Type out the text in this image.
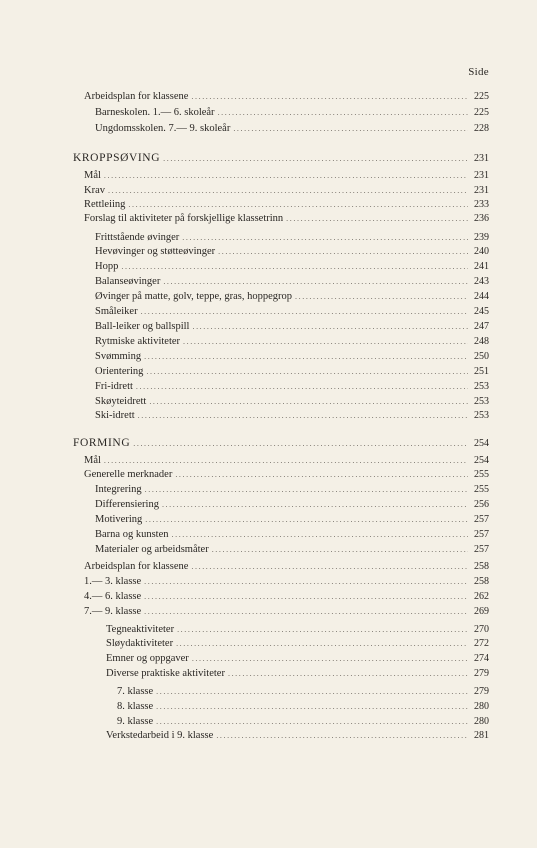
Side
Arbeidsplan for klassene .....	225
Barneskolen. 1.— 6. skoleår .....	225
Ungdomsskolen. 7.— 9. skoleår .....	228
KROPPSØVING .....	231
Mål .....	231
Krav .....	231
Rettleiing .....	233
Forslag til aktiviteter på forskjellige klassetrinn .....	236
Frittstående øvinger .....	239
Hevøvinger og støtteøvinger .....	240
Hopp .....	241
Balanseøvinger .....	243
Øvinger på matte, golv, teppe, gras, hoppegrop .....	244
Småleiker .....	245
Ball-leiker og ballspill .....	247
Rytmiske aktiviteter .....	248
Svømming .....	250
Orientering .....	251
Fri-idrett .....	253
Skøyteidrett .....	253
Ski-idrett .....	253
FORMING .....	254
Mål .....	254
Generelle merknader .....	255
Integrering .....	255
Differensiering .....	256
Motivering .....	257
Barna og kunsten .....	257
Materialer og arbeidsmåter .....	257
Arbeidsplan for klassene .....	258
1.— 3. klasse .....	258
4.— 6. klasse .....	262
7.— 9. klasse .....	269
Tegneaktiviteter .....	270
Sløydaktiviteter .....	272
Emner og oppgaver .....	274
Diverse praktiske aktiviteter .....	279
7. klasse .....	279
8. klasse .....	280
9. klasse .....	280
Verkstedarbeid i 9. klasse .....	281
